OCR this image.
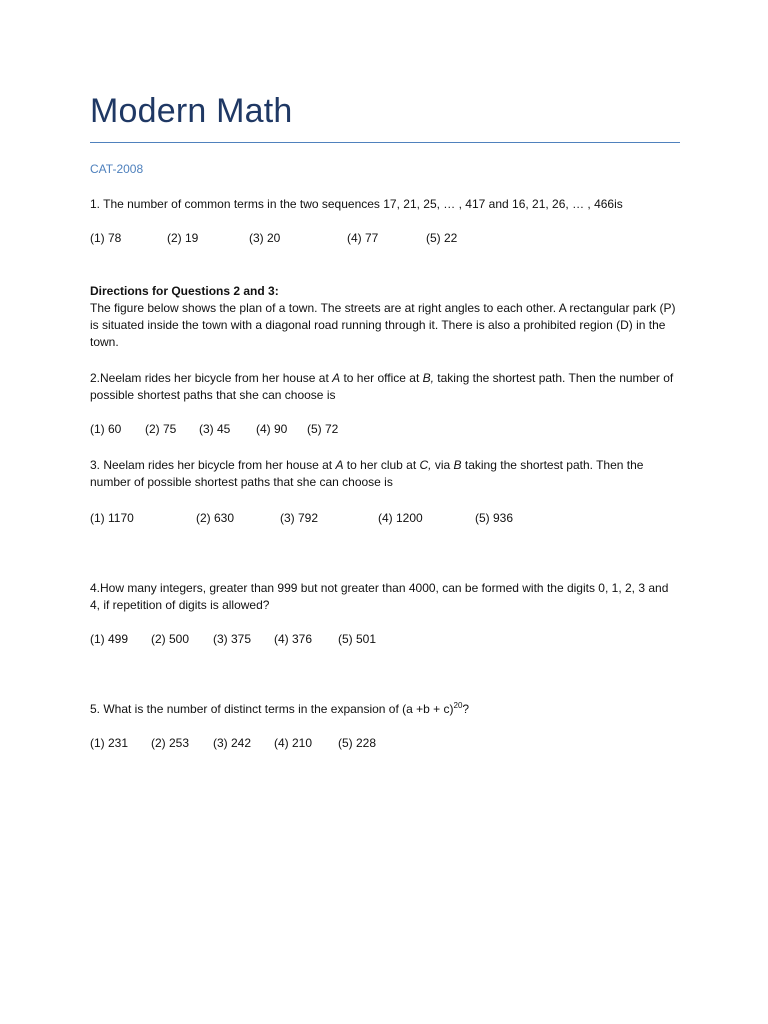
Modern Math
CAT-2008
1. The number of common terms in the two sequences 17, 21, 25, … , 417 and 16, 21, 26, … , 466is
(1) 78	(2) 19	(3) 20	(4) 77	(5) 22
Directions for Questions 2 and 3:
The figure below shows the plan of a town. The streets are at right angles to each other. A rectangular park (P) is situated inside the town with a diagonal road running through it. There is also a prohibited region (D) in the town.
2.Neelam rides her bicycle from her house at A to her office at B, taking the shortest path. Then the number of possible shortest paths that she can choose is
(1) 60 (2) 75 (3) 45 (4) 90 (5) 72
3. Neelam rides her bicycle from her house at A to her club at C, via B taking the shortest path. Then the number of possible shortest paths that she can choose is
(1) 1170	(2) 630	(3) 792	(4) 1200	(5) 936
4.How many integers, greater than 999 but not greater than 4000, can be formed with the digits 0, 1, 2, 3 and 4, if repetition of digits is allowed?
(1) 499 (2) 500 (3) 375 (4) 376 (5) 501
5. What is the number of distinct terms in the expansion of $(a +b + c)^{20}$?
(1) 231 (2) 253 (3) 242 (4) 210 (5) 228
